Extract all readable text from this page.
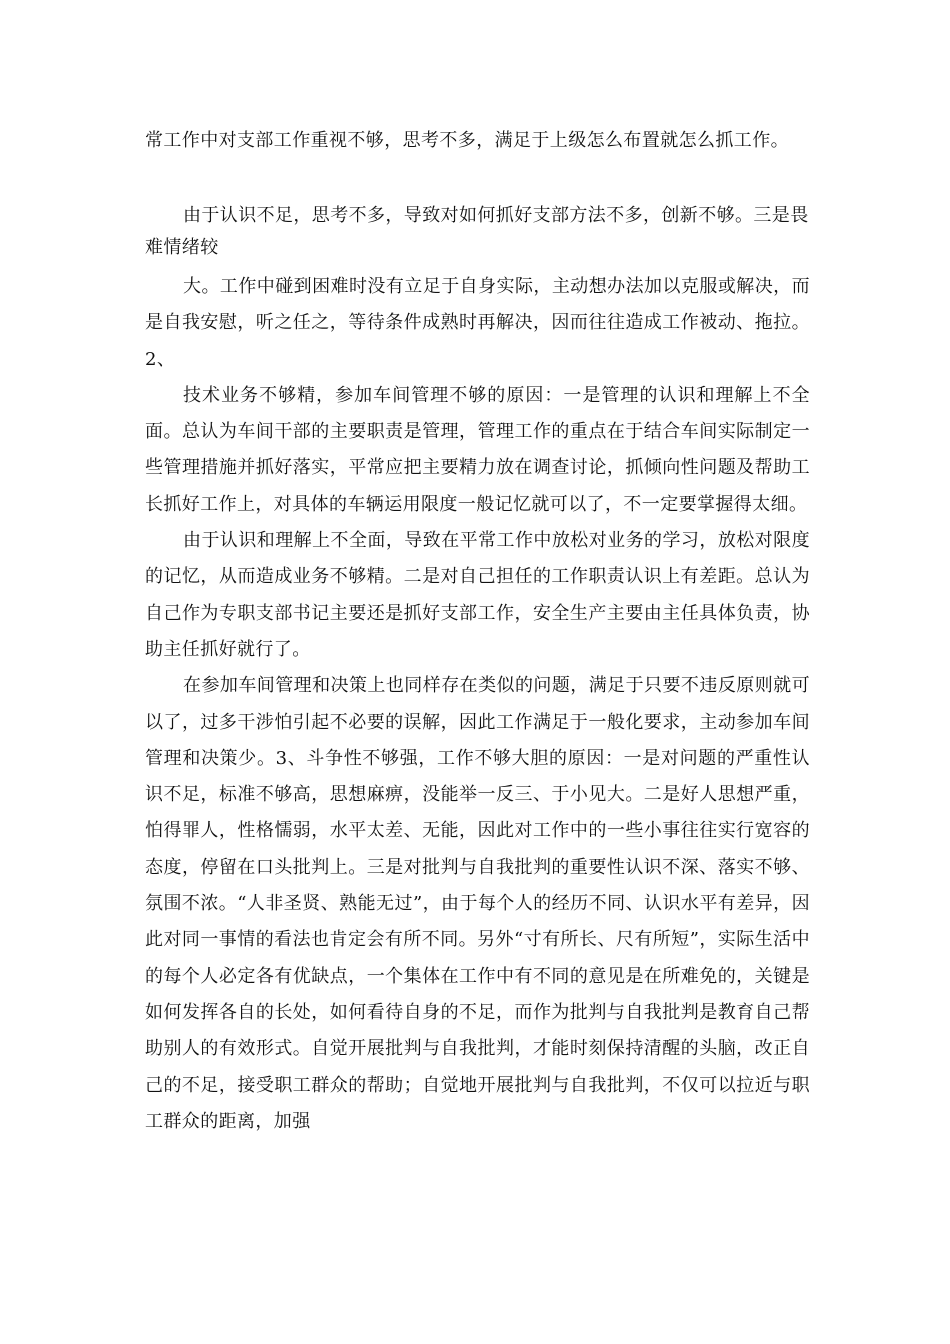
常工作中对支部工作重视不够，思考不多，满足于上级怎么布置就怎么抓工作。
由于认识不足，思考不多，导致对如何抓好支部方法不多，创新不够。三是畏难情绪较

大。工作中碰到困难时没有立足于自身实际，主动想办法加以克服或解决，而是自我安慰，听之任之，等待条件成熟时再解决，因而往往造成工作被动、拖拉。2、

技术业务不够精，参加车间管理不够的原因：一是管理的认识和理解上不全面。总认为车间干部的主要职责是管理，管理工作的重点在于结合车间实际制定一些管理措施并抓好落实，平常应把主要精力放在调查讨论，抓倾向性问题及帮助工长抓好工作上，对具体的车辆运用限度一般记忆就可以了，不一定要掌握得太细。

由于认识和理解上不全面，导致在平常工作中放松对业务的学习，放松对限度的记忆，从而造成业务不够精。二是对自己担任的工作职责认识上有差距。总认为自己作为专职支部书记主要还是抓好支部工作，安全生产主要由主任具体负责，协助主任抓好就行了。

在参加车间管理和决策上也同样存在类似的问题，满足于只要不违反原则就可以了，过多干涉怕引起不必要的误解，因此工作满足于一般化要求，主动参加车间管理和决策少。3、斗争性不够强，工作不够大胆的原因：一是对问题的严重性认识不足，标准不够高，思想麻痹，没能举一反三、于小见大。二是好人思想严重，怕得罪人，性格懦弱，水平太差、无能，因此对工作中的一些小事往往实行宽容的态度，停留在口头批判上。三是对批判与自我批判的重要性认识不深、落实不够、氛围不浓。“人非圣贤、熟能无过”，由于每个人的经历不同、认识水平有差异，因此对同一事情的看法也肯定会有所不同。另外“寸有所长、尺有所短”，实际生活中的每个人必定各有优缺点，一个集体在工作中有不同的意见是在所难免的，关键是如何发挥各自的长处，如何看待自身的不足，而作为批判与自我批判是教育自己帮助别人的有效形式。自觉开展批判与自我批判，才能时刻保持清醒的头脑，改正自己的不足，接受职工群众的帮助；自觉地开展批判与自我批判，不仅可以拉近与职工群众的距离，加强
